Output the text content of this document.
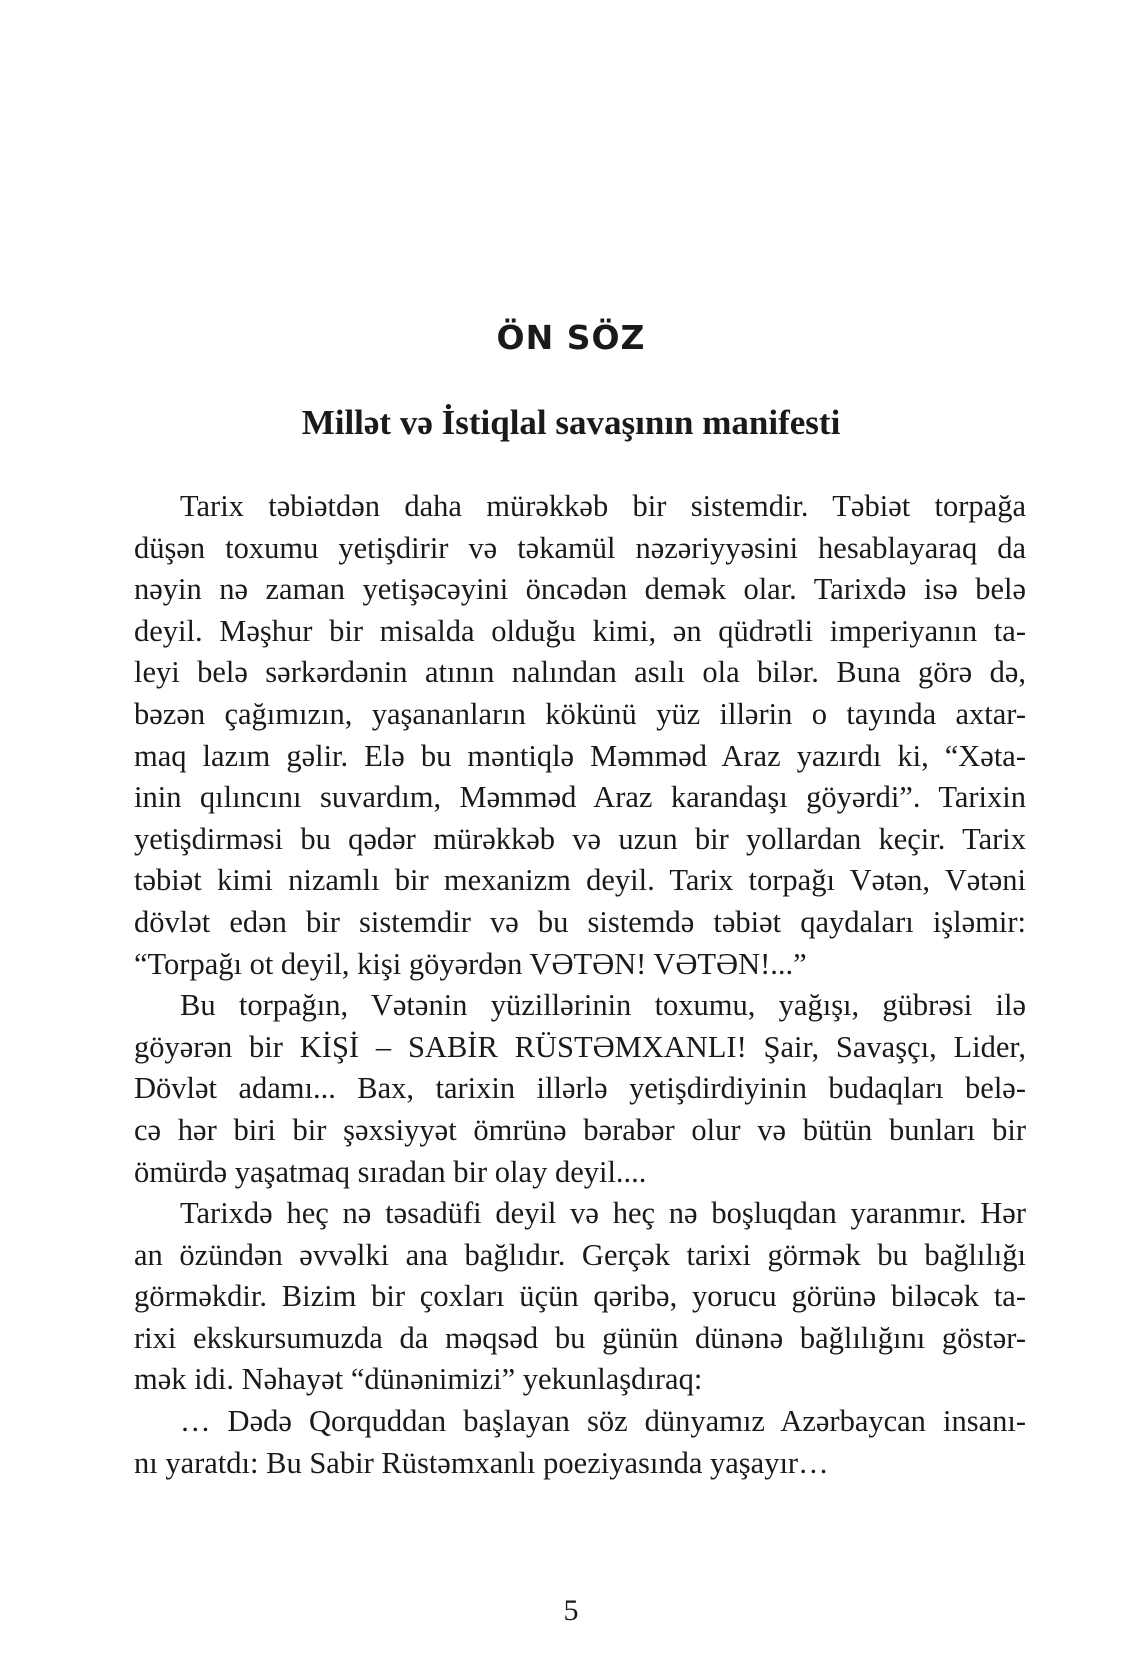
ÖN SÖZ
Millət və İstiqlal savaşının manifesti
Tarix təbiətdən daha mürəkkəb bir sistemdir. Təbiət torpağa
düşən toxumu yetişdirir və təkamül nəzəriyyəsini hesablayaraq da
nəyin nə zaman yetişəcəyini öncədən demək olar. Tarixdə isə belə
deyil. Məşhur bir misalda olduğu kimi, ən qüdrətli imperiyanın ta-
leyi belə sərkərdənin atının nalından asılı ola bilər. Buna görə də,
bəzən çağımızın, yaşananların kökünü yüz illərin o tayında axtar-
maq lazım gəlir. Elə bu məntiqlə Məmməd Araz yazırdı ki, “Xəta-
inin qılıncını suvardım, Məmməd Araz karandaşı göyərdi”. Tarixin
yetişdirməsi bu qədər mürəkkəb və uzun bir yollardan keçir. Tarix
təbiət kimi nizamlı bir mexanizm deyil. Tarix torpağı Vətən, Vətəni
dövlət edən bir sistemdir və bu sistemdə təbiət qaydaları işləmir:
“Torpağı ot deyil, kişi göyərdən VƏTƏN! VƏTƏN!...”
Bu torpağın, Vətənin yüzillərinin toxumu, yağışı, gübrəsi ilə
göyərən bir KİŞİ – SABİR RÜSTƏMXANLI! Şair, Savaşçı, Lider,
Dövlət adamı... Bax, tarixin illərlə yetişdirdiyinin budaqları belə-
cə hər biri bir şəxsiyyət ömrünə bərabər olur və bütün bunları bir
ömürdə yaşatmaq sıradan bir olay deyil....
Tarixdə heç nə təsadüfi deyil və heç nə boşluqdan yaranmır. Hər
an özündən əvvəlki ana bağlıdır. Gerçək tarixi görmək bu bağlılığı
görməkdir. Bizim bir çoxları üçün qəribə, yorucu görünə biləcək ta-
rixi ekskursumuzda da məqsəd bu günün dünənə bağlılığını göstər-
mək idi. Nəhayət “dünənimizi” yekunlaşdıraq:
… Dədə Qorquddan başlayan söz dünyamız Azərbaycan insanı-
nı yaratdı: Bu Sabir Rüstəmxanlı poeziyasında yaşayır…
5
